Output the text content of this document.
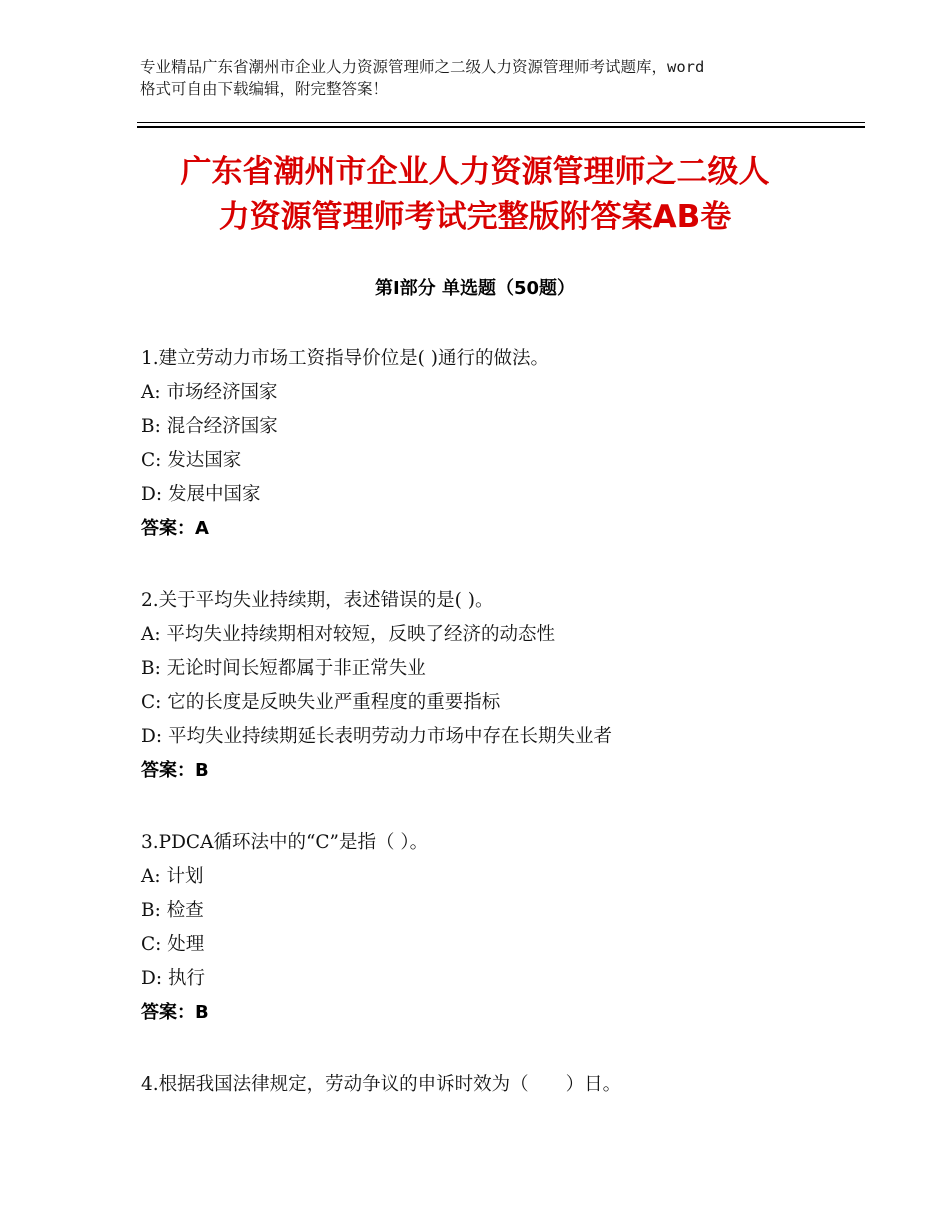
专业精品广东省潮州市企业人力资源管理师之二级人力资源管理师考试题库，word
格式可自由下载编辑，附完整答案！
广东省潮州市企业人力资源管理师之二级人
力资源管理师考试完整版附答案AB卷
第Ⅰ部分 单选题（50题）
1.建立劳动力市场工资指导价位是( )通行的做法。
A: 市场经济国家
B: 混合经济国家
C: 发达国家
D: 发展中国家
答案：A
2.关于平均失业持续期，表述错误的是( )。
A: 平均失业持续期相对较短，反映了经济的动态性
B: 无论时间长短都属于非正常失业
C: 它的长度是反映失业严重程度的重要指标
D: 平均失业持续期延长表明劳动力市场中存在长期失业者
答案：B
3.PDCA循环法中的“C”是指（ ）。
A: 计划
B: 检查
C: 处理
D: 执行
答案：B
4.根据我国法律规定，劳动争议的申诉时效为（　　）日。
